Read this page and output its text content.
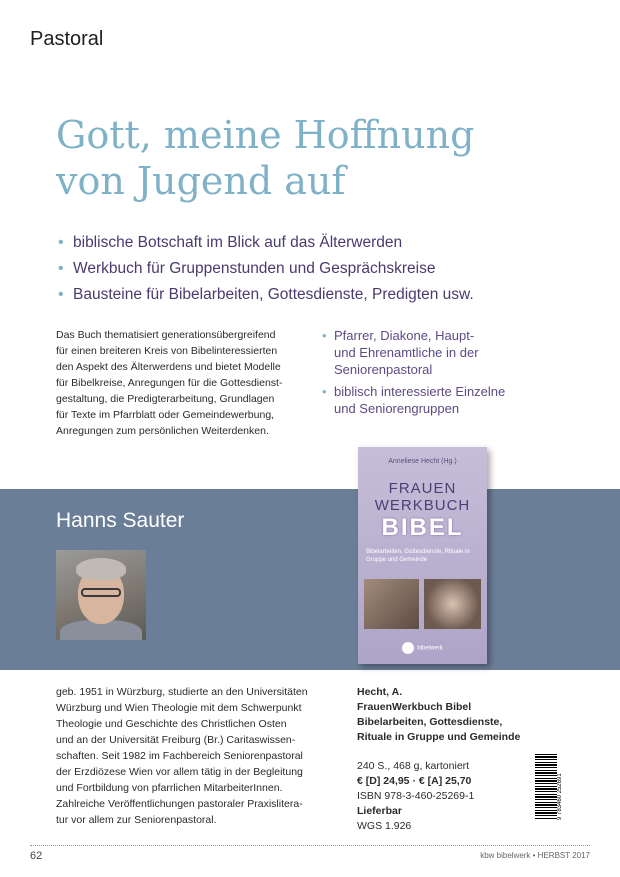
Pastoral
Gott, meine Hoffnung
von Jugend auf
• biblische Botschaft im Blick auf das Älterwerden
• Werkbuch für Gruppenstunden und Gesprächskreise
• Bausteine für Bibelarbeiten, Gottesdienste, Predigten usw.
Das Buch thematisiert generationsübergreifend
für einen breiteren Kreis von Bibelinteressierten
den Aspekt des Älterwerdens und bietet Modelle
für Bibelkreise, Anregungen für die Gottesdienst-
gestaltung, die Predigterarbeitung, Grundlagen
für Texte im Pfarrblatt oder Gemeindewerbung,
Anregungen zum persönlichen Weiterdenken.
• Pfarrer, Diakone, Haupt-
und Ehrenamtliche in der
Seniorenpastoral
• biblisch interessierte Einzelne
und Seniorengruppen
Hanns Sauter
Anneliese Hecht (Hg.)
FRAUEN
WERKBUCH
BIBEL
Bibelarbeiten, Gottesdienste, Rituale in Gruppe und Gemeinde
bibelwerk
geb. 1951 in Würzburg, studierte an den Universitäten
Würzburg und Wien Theologie mit dem Schwerpunkt
Theologie und Geschichte des Christlichen Osten
und an der Universität Freiburg (Br.) Caritaswissen-
schaften. Seit 1982 im Fachbereich Seniorenpastoral
der Erzdiözese Wien vor allem tätig in der Begleitung
und Fortbildung von pfarrlichen MitarbeiterInnen.
Zahlreiche Veröffentlichungen pastoraler Praxislitera-
tur vor allem zur Seniorenpastoral.
Hecht, A.
FrauenWerkbuch Bibel
Bibelarbeiten, Gottesdienste,
Rituale in Gruppe und Gemeinde
240 S., 468 g, kartoniert
€ [D] 24,95 · € [A] 25,70
ISBN 978-3-460-25269-1
Lieferbar
WGS 1.926
9 783460 252691
62	kbw bibelwerk • HERBST 2017
